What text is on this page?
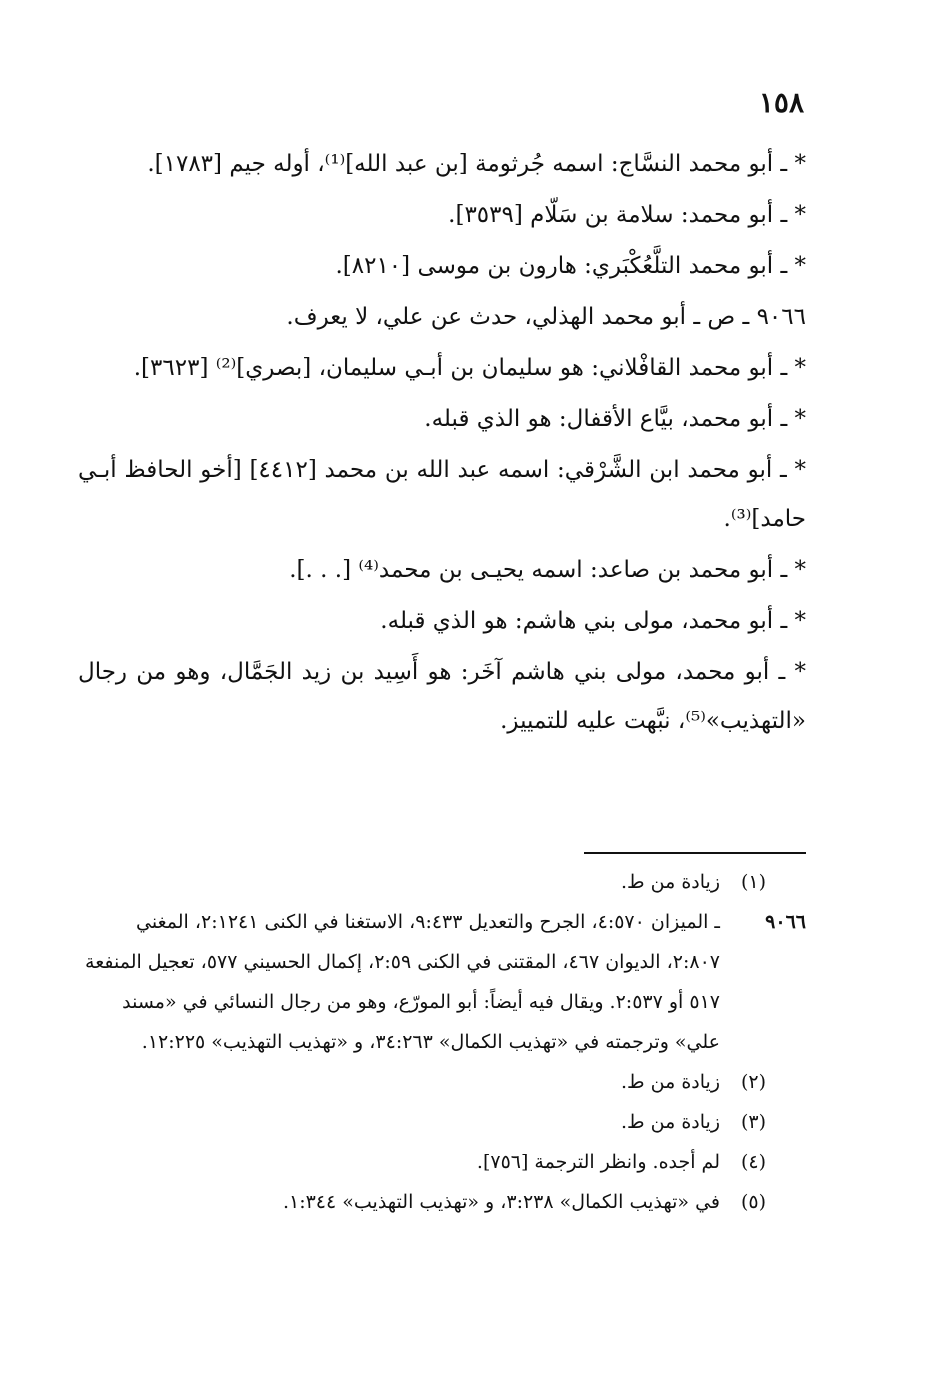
١٥٨
* ـ أبو محمد النسَّاج: اسمه جُرثومة [بن عبد الله]⁽¹⁾، أوله جيم [١٧٨٣].
* ـ أبو محمد: سلامة بن سَلّام [٣٥٣٩].
* ـ أبو محمد التلَّعُكْبَري: هارون بن موسى [٨٢١٠].
٩٠٦٦ ـ ص ـ أبو محمد الهذلي، حدث عن علي، لا يعرف.
* ـ أبو محمد القافْلاني: هو سليمان بن أبـي سليمان، [بصري]⁽²⁾ [٣٦٢٣].
* ـ أبو محمد، بيَّاع الأقفال: هو الذي قبله.
* ـ أبو محمد ابن الشَّرْقي: اسمه عبد الله بن محمد [٤٤١٢] [أخو الحافظ أبـي حامد]⁽³⁾.
* ـ أبو محمد بن صاعد: اسمه يحيـى بن محمد⁽⁴⁾ [. . .].
* ـ أبو محمد، مولى بني هاشم: هو الذي قبله.
* ـ أبو محمد، مولى بني هاشم آخَر: هو أَسِيد بن زيد الجَمَّال، وهو من رجال «التهذيب»⁽⁵⁾، نبَّهت عليه للتمييز.
(١)
زيادة من ط.
٩٠٦٦
ـ الميزان ٤:٥٧٠، الجرح والتعديل ٩:٤٣٣، الاستغنا في الكنى ٢:١٢٤١، المغني ٢:٨٠٧، الديوان ٤٦٧، المقتنى في الكنى ٢:٥٩، إكمال الحسيني ٥٧٧، تعجيل المنفعة ٥١٧ أو ٢:٥٣٧. ويقال فيه أيضاً: أبو المورّع، وهو من رجال النسائي في «مسند علي» وترجمته في «تهذيب الكمال» ٣٤:٢٦٣، و «تهذيب التهذيب» ١٢:٢٢٥.
(٢)
زيادة من ط.
(٣)
زيادة من ط.
(٤)
لم أجده. وانظر الترجمة [٧٥٦].
(٥)
في «تهذيب الكمال» ٣:٢٣٨، و «تهذيب التهذيب» ١:٣٤٤.
